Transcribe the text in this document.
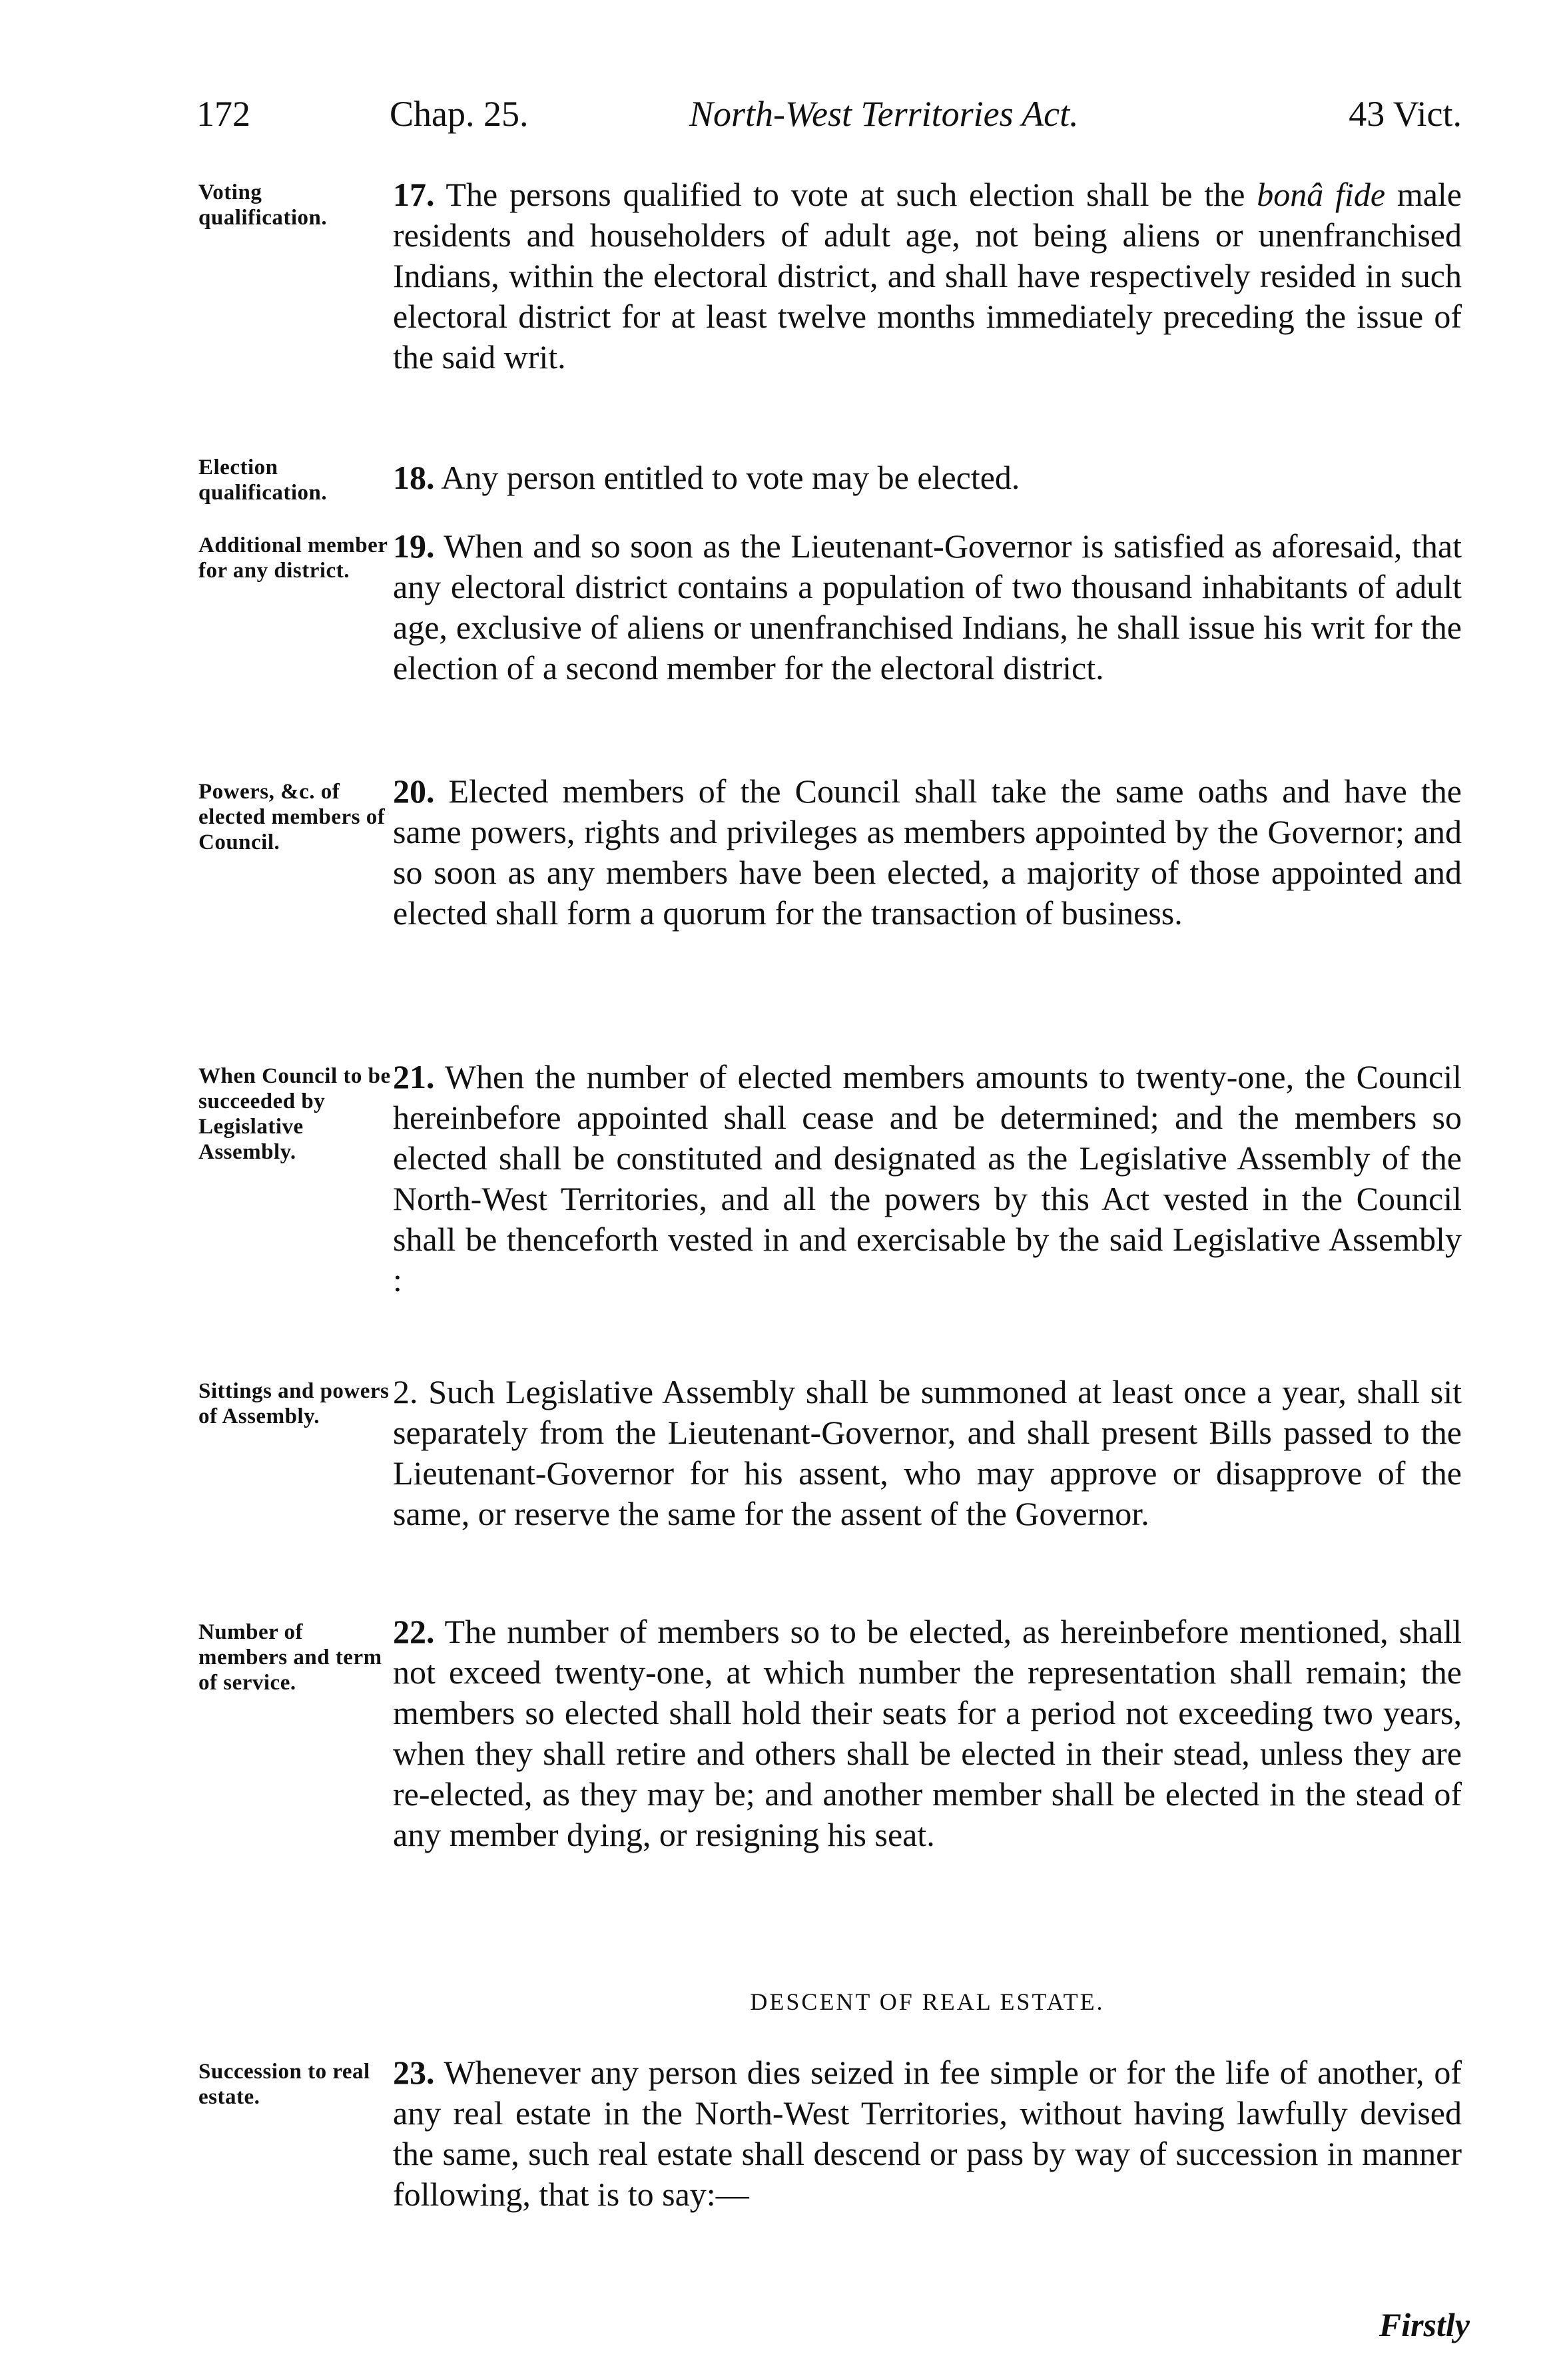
172	Chap. 25.	North-West Territories Act.	43 Vict.
Voting qualification.
17. The persons qualified to vote at such election shall be the bonâ fide male residents and householders of adult age, not being aliens or unenfranchised Indians, within the electoral district, and shall have respectively resided in such electoral district for at least twelve months immediately preceding the issue of the said writ.
Election qualification.	18. Any person entitled to vote may be elected.
Additional member for any district.
19. When and so soon as the Lieutenant-Governor is satisfied as aforesaid, that any electoral district contains a population of two thousand inhabitants of adult age, exclusive of aliens or unenfranchised Indians, he shall issue his writ for the election of a second member for the electoral district.
Powers, &c. of elected members of Council.
20. Elected members of the Council shall take the same oaths and have the same powers, rights and privileges as members appointed by the Governor; and so soon as any members have been elected, a majority of those appointed and elected shall form a quorum for the transaction of business.
When Council to be succeeded by Legislative Assembly.
21. When the number of elected members amounts to twenty-one, the Council hereinbefore appointed shall cease and be determined; and the members so elected shall be constituted and designated as the Legislative Assembly of the North-West Territories, and all the powers by this Act vested in the Council shall be thenceforth vested in and exercisable by the said Legislative Assembly :
Sittings and powers of Assembly.
2. Such Legislative Assembly shall be summoned at least once a year, shall sit separately from the Lieutenant-Governor, and shall present Bills passed to the Lieutenant-Governor for his assent, who may approve or disapprove of the same, or reserve the same for the assent of the Governor.
Number of members and term of service.
22. The number of members so to be elected, as hereinbefore mentioned, shall not exceed twenty-one, at which number the representation shall remain; the members so elected shall hold their seats for a period not exceeding two years, when they shall retire and others shall be elected in their stead, unless they are re-elected, as they may be; and another member shall be elected in the stead of any member dying, or resigning his seat.
DESCENT OF REAL ESTATE.
Succession to real estate.
23. Whenever any person dies seized in fee simple or for the life of another, of any real estate in the North-West Territories, without having lawfully devised the same, such real estate shall descend or pass by way of succession in manner following, that is to say:—
Firstly
